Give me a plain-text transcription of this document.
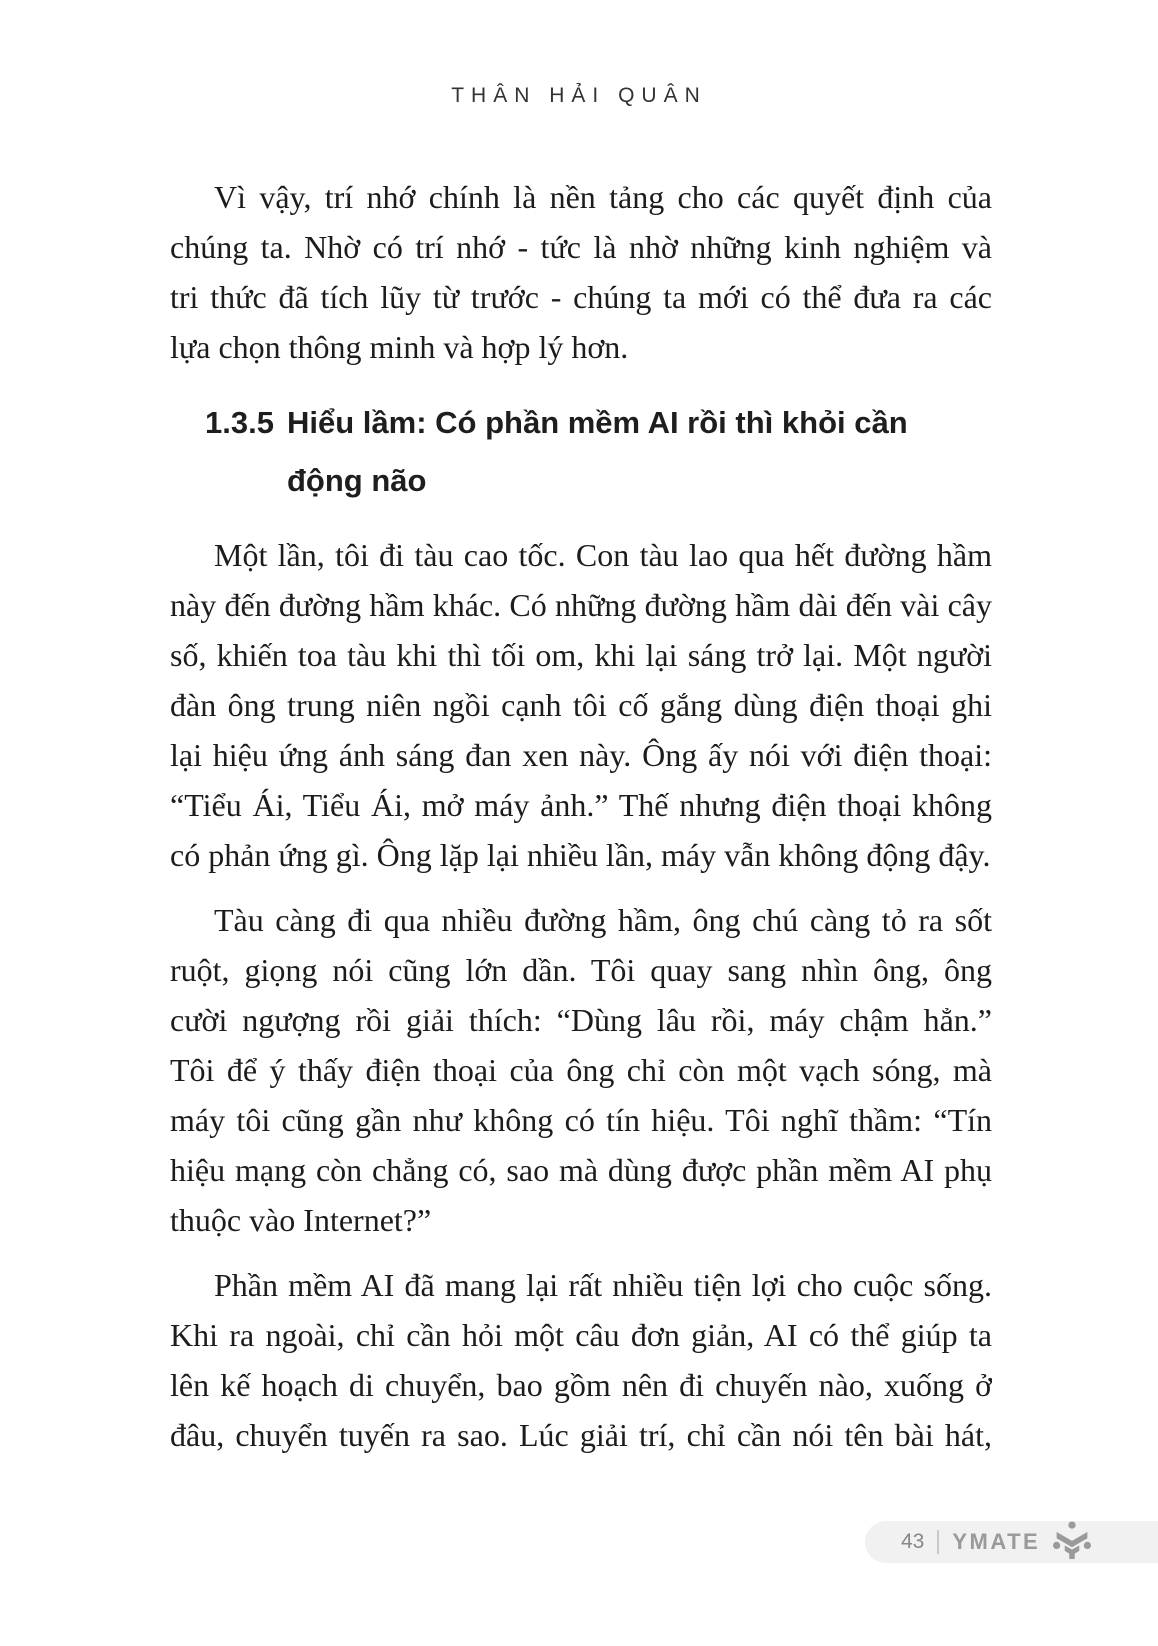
THÂN HẢI QUÂN
Vì vậy, trí nhớ chính là nền tảng cho các quyết định của
chúng ta. Nhờ có trí nhớ - tức là nhờ những kinh nghiệm và
tri thức đã tích lũy từ trước - chúng ta mới có thể đưa ra các
lựa chọn thông minh và hợp lý hơn.
1.3.5 Hiểu lầm: Có phần mềm AI rồi thì khỏi cần
động não
Một lần, tôi đi tàu cao tốc. Con tàu lao qua hết đường hầm
này đến đường hầm khác. Có những đường hầm dài đến vài cây
số, khiến toa tàu khi thì tối om, khi lại sáng trở lại. Một người
đàn ông trung niên ngồi cạnh tôi cố gắng dùng điện thoại ghi
lại hiệu ứng ánh sáng đan xen này. Ông ấy nói với điện thoại:
“Tiểu Ái, Tiểu Ái, mở máy ảnh.” Thế nhưng điện thoại không
có phản ứng gì. Ông lặp lại nhiều lần, máy vẫn không động đậy.
Tàu càng đi qua nhiều đường hầm, ông chú càng tỏ ra sốt
ruột, giọng nói cũng lớn dần. Tôi quay sang nhìn ông, ông
cười ngượng rồi giải thích: “Dùng lâu rồi, máy chậm hẳn.”
Tôi để ý thấy điện thoại của ông chỉ còn một vạch sóng, mà
máy tôi cũng gần như không có tín hiệu. Tôi nghĩ thầm: “Tín
hiệu mạng còn chẳng có, sao mà dùng được phần mềm AI phụ
thuộc vào Internet?”
Phần mềm AI đã mang lại rất nhiều tiện lợi cho cuộc sống.
Khi ra ngoài, chỉ cần hỏi một câu đơn giản, AI có thể giúp ta
lên kế hoạch di chuyển, bao gồm nên đi chuyến nào, xuống ở
đâu, chuyển tuyến ra sao. Lúc giải trí, chỉ cần nói tên bài hát,
43 YMATE
